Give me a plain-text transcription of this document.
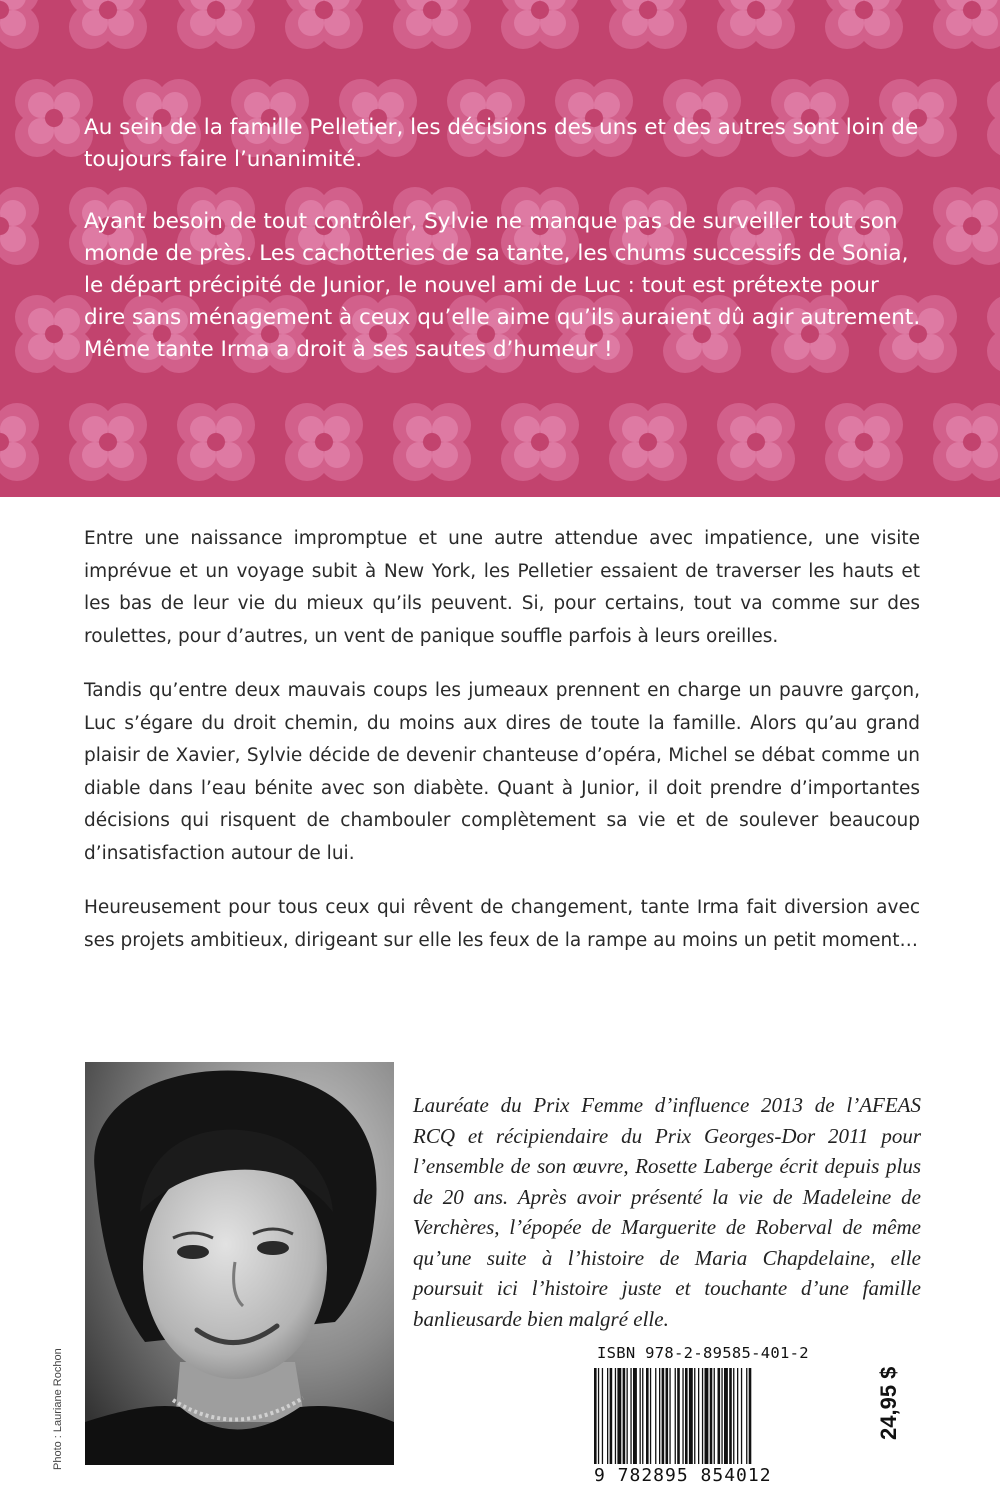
Au sein de la famille Pelletier, les décisions des uns et des autres sont loin de toujours faire l’unanimité.

Ayant besoin de tout contrôler, Sylvie ne manque pas de surveiller tout son monde de près. Les cachotteries de sa tante, les chums successifs de Sonia, le départ précipité de Junior, le nouvel ami de Luc : tout est prétexte pour dire sans ménagement à ceux qu’elle aime qu’ils auraient dû agir autrement. Même tante Irma a droit à ses sautes d’humeur !

Entre une naissance impromptue et une autre attendue avec impatience, une visite imprévue et un voyage subit à New York, les Pelletier essaient de traverser les hauts et les bas de leur vie du mieux qu’ils peuvent. Si, pour certains, tout va comme sur des roulettes, pour d’autres, un vent de panique souffle parfois à leurs oreilles.

Tandis qu’entre deux mauvais coups les jumeaux prennent en charge un pauvre garçon, Luc s’égare du droit chemin, du moins aux dires de toute la famille. Alors qu’au grand plaisir de Xavier, Sylvie décide de devenir chanteuse d’opéra, Michel se débat comme un diable dans l’eau bénite avec son diabète. Quant à Junior, il doit prendre d’importantes décisions qui risquent de chambouler complètement sa vie et de soulever beaucoup d’insatisfaction autour de lui.

Heureusement pour tous ceux qui rêvent de changement, tante Irma fait diversion avec ses projets ambitieux, dirigeant sur elle les feux de la rampe au moins un petit moment…

Photo : Lauriane Rochon
Lauréate du Prix Femme d’influence 2013 de l’AFEAS RCQ et récipiendaire du Prix Georges-Dor 2011 pour l’ensemble de son œuvre, Rosette Laberge écrit depuis plus de 20 ans. Après avoir présenté la vie de Madeleine de Verchères, l’épopée de Marguerite de Roberval de même qu’une suite à l’histoire de Maria Chapdelaine, elle poursuit ici l’histoire juste et touchante d’une famille banlieusarde bien malgré elle.
ISBN 978-2-89585-401-2
9 782895 854012
24,95 $
